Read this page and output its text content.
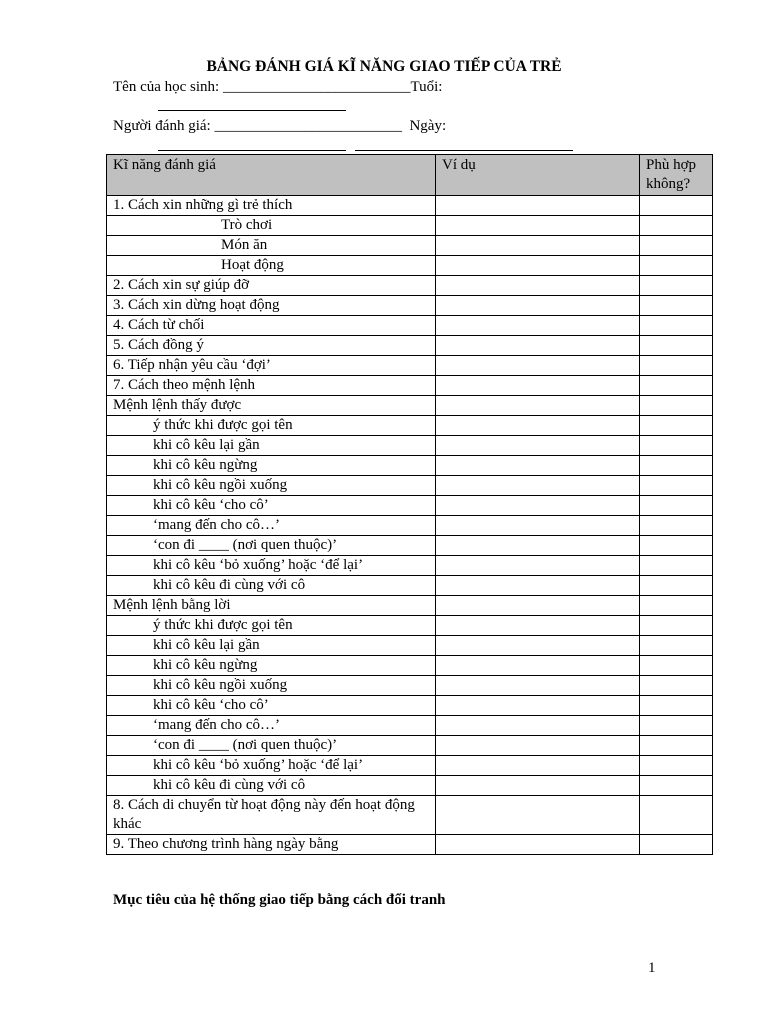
BẢNG ĐÁNH GIÁ KĨ NĂNG GIAO TIẾP CỦA TRẺ
Tên của học sinh: _________________________Tuổi:
Người đánh giá: _________________________  Ngày:
Kĩ năng đánh giá	Ví dụ	Phù hợp không?
1. Cách xin những gì trẻ thích		
Trò chơi		
Món ăn		
Hoạt động		
2. Cách xin sự giúp đỡ		
3. Cách xin dừng hoạt động		
4. Cách từ chối		
5. Cách đồng ý		
6. Tiếp nhận yêu cầu ‘đợi’		
7. Cách theo mệnh lệnh		
Mệnh lệnh thấy được		
ý thức khi được gọi tên		
khi cô kêu lại gần		
khi cô kêu ngừng		
khi cô kêu ngồi xuống		
khi cô kêu ‘cho cô’		
‘mang đến cho cô…’		
‘con đi ____ (nơi quen thuộc)’		
khi cô kêu ‘bỏ xuống’ hoặc ‘để lại’		
khi cô kêu đi cùng với cô		
Mệnh lệnh bằng lời		
ý thức khi được gọi tên		
khi cô kêu lại gần		
khi cô kêu ngừng		
khi cô kêu ngồi xuống		
khi cô kêu ‘cho cô’		
‘mang đến cho cô…’		
‘con đi ____ (nơi quen thuộc)’		
khi cô kêu ‘bỏ xuống’ hoặc ‘để lại’		
khi cô kêu đi cùng với cô		
8. Cách di chuyển từ hoạt động này đến hoạt động khác		
9. Theo chương trình hàng ngày bằng		
Mục tiêu của hệ thống giao tiếp bằng cách đổi tranh
1
